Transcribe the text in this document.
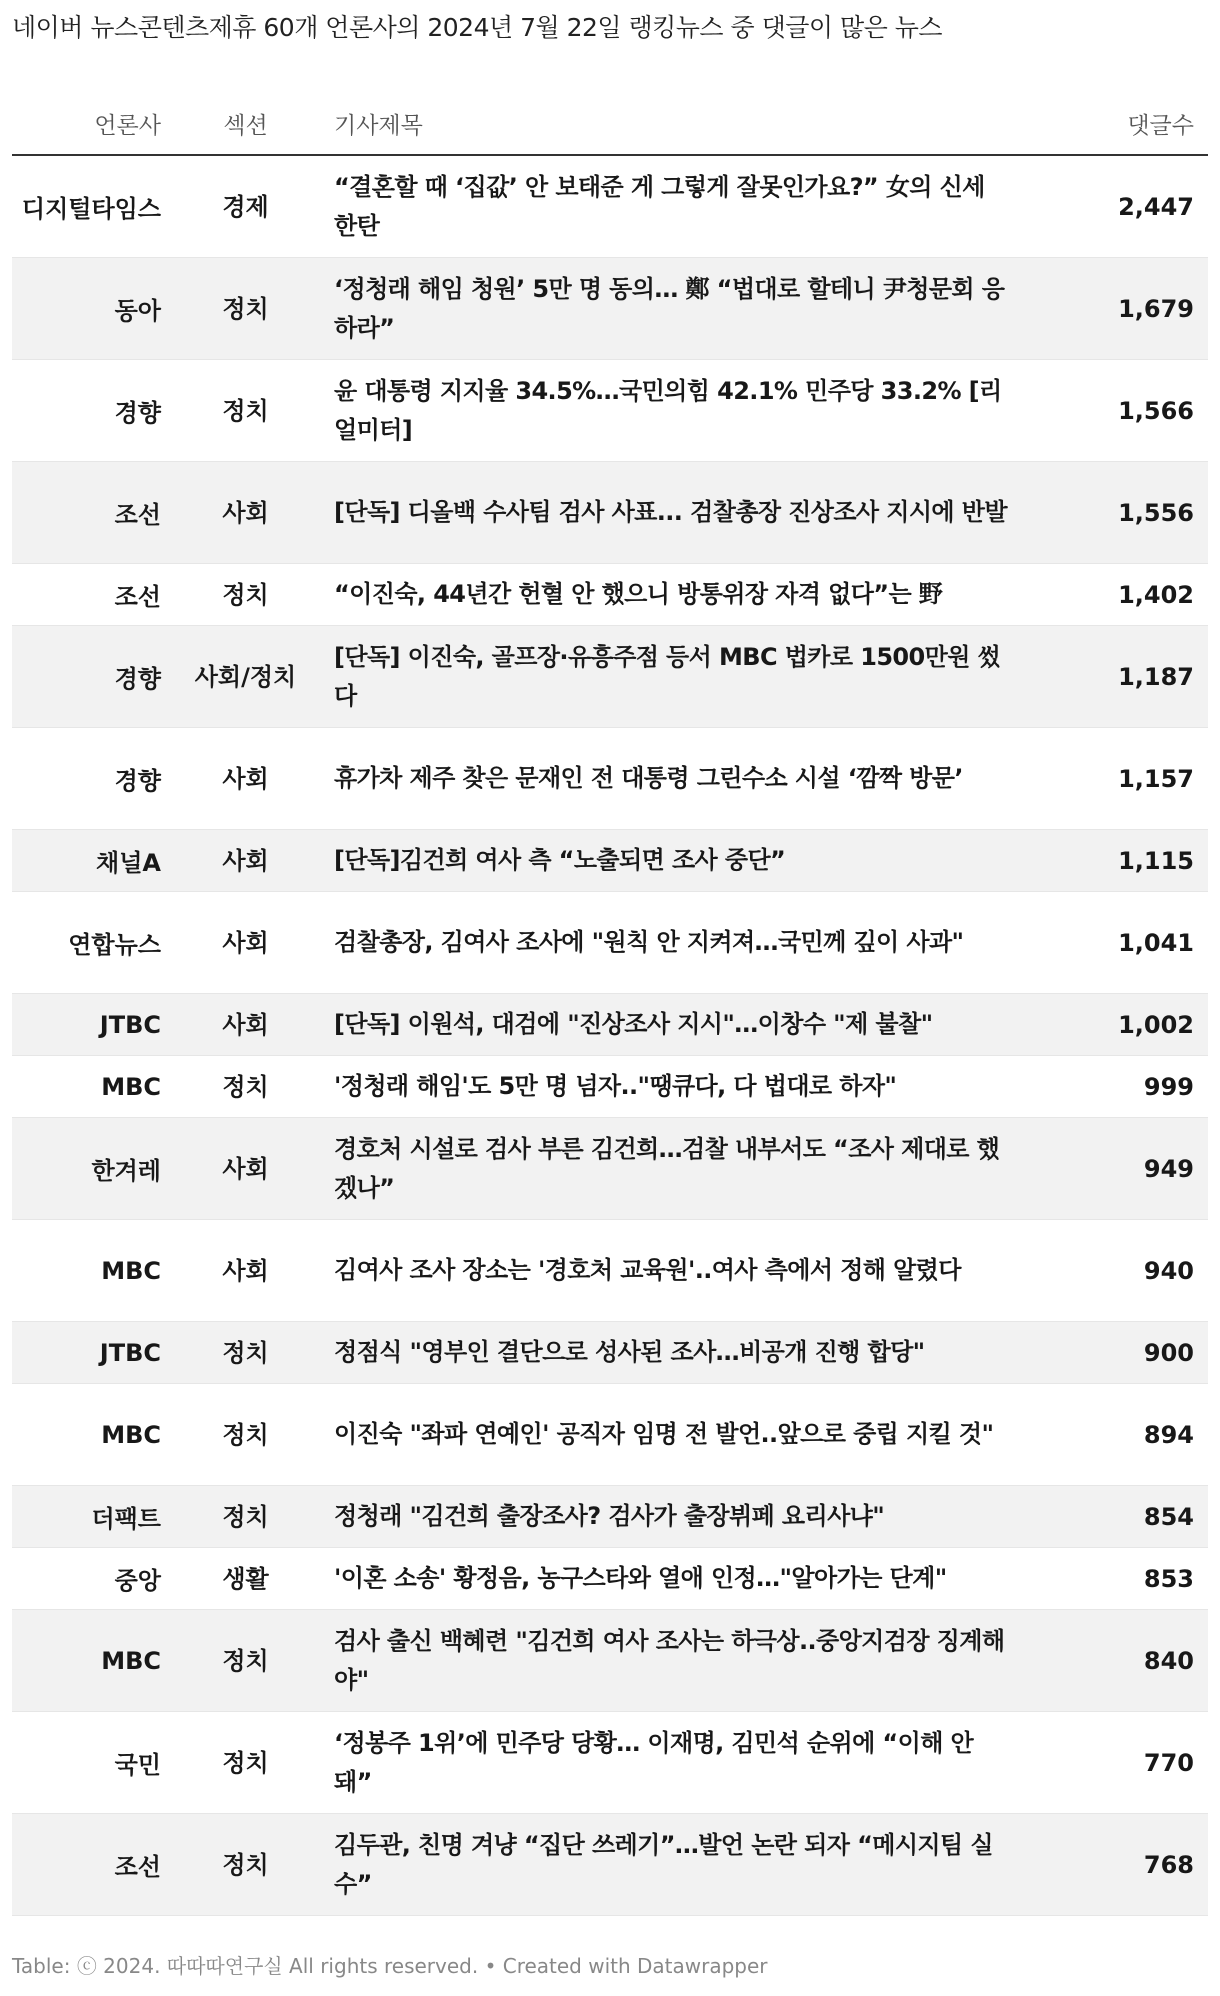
네이버 뉴스콘텐츠제휴 60개 언론사의 2024년 7월 22일 랭킹뉴스 중 댓글이 많은 뉴스
언론사	섹션	기사제목	댓글수
디지털타임스	경제	“결혼할 때 ‘집값’ 안 보태준 게 그렇게 잘못인가요?” 女의 신세 한탄	2,447
동아	정치	‘정청래 해임 청원’ 5만 명 동의… 鄭 “법대로 할테니 尹청문회 응하라”	1,679
경향	정치	윤 대통령 지지율 34.5%…국민의힘 42.1% 민주당 33.2% [리얼미터]	1,566
조선	사회	[단독] 디올백 수사팀 검사 사표... 검찰총장 진상조사 지시에 반발	1,556
조선	정치	“이진숙, 44년간 헌혈 안 했으니 방통위장 자격 없다”는 野	1,402
경향	사회/정치	[단독] 이진숙, 골프장·유흥주점 등서 MBC 법카로 1500만원 썼다	1,187
경향	사회	휴가차 제주 찾은 문재인 전 대통령 그린수소 시설 ‘깜짝 방문’	1,157
채널A	사회	[단독]김건희 여사 측 “노출되면 조사 중단”	1,115
연합뉴스	사회	검찰총장, 김여사 조사에 "원칙 안 지켜져…국민께 깊이 사과"	1,041
JTBC	사회	[단독] 이원석, 대검에 "진상조사 지시"…이창수 "제 불찰"	1,002
MBC	정치	'정청래 해임'도 5만 명 넘자.."땡큐다, 다 법대로 하자"	999
한겨레	사회	경호처 시설로 검사 부른 김건희…검찰 내부서도 “조사 제대로 했겠나”	949
MBC	사회	김여사 조사 장소는 '경호처 교육원'..여사 측에서 정해 알렸다	940
JTBC	정치	정점식 "영부인 결단으로 성사된 조사…비공개 진행 합당"	900
MBC	정치	이진숙 "좌파 연예인' 공직자 임명 전 발언..앞으로 중립 지킬 것"	894
더팩트	정치	정청래 "김건희 출장조사? 검사가 출장뷔페 요리사냐"	854
중앙	생활	'이혼 소송' 황정음, 농구스타와 열애 인정…"알아가는 단계"	853
MBC	정치	검사 출신 백혜련 "김건희 여사 조사는 하극상..중앙지검장 징계해야"	840
국민	정치	‘정봉주 1위’에 민주당 당황… 이재명, 김민석 순위에 “이해 안 돼”	770
조선	정치	김두관, 친명 겨냥 “집단 쓰레기”…발언 논란 되자 “메시지팀 실수”	768
Table: ⓒ 2024. 따따따연구실 All rights reserved. • Created with Datawrapper
